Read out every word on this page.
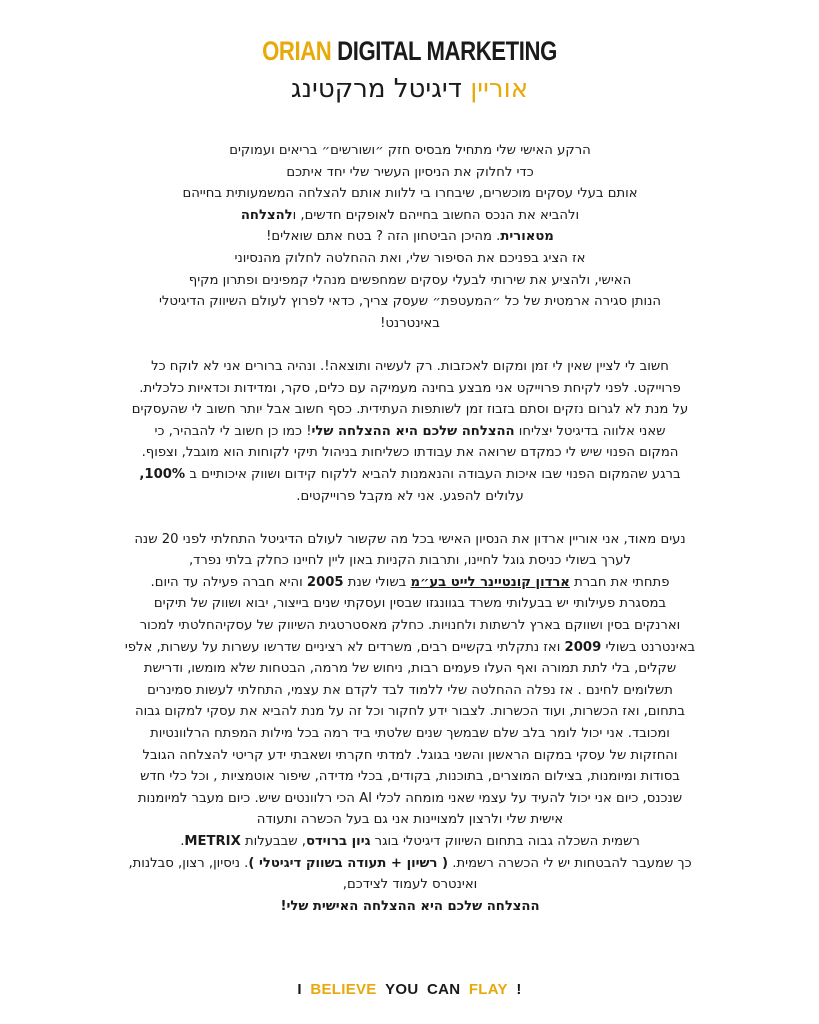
ORIAN DIGITAL MARKETING

אוריין דיגיטל מרקטינג

הרקע האישי שלי מתחיל מבסיס חזק ״ושורשים״ בריאים ועמוקים
כדי לחלוק את הניסיון העשיר שלי יחד איתכם
אותם בעלי עסקים מוכשרים, שיבחרו בי ללוות אותם להצלחה המשמעותית בחייהם
ולהביא את הנכס החשוב בחייהם לאופקים חדשים, ולהצלחה
מטאורית. מהיכן הביטחון הזה ? בטח אתם שואלים!
אז הציג בפניכם את הסיפור שלי, ואת ההחלטה לחלוק מהנסיוני
האישי, ולהציע את שירותי לבעלי עסקים שמחפשים מנהלי קמפינים ופתרון מקיף
הנותן סגירה ארמטית של כל ״המעטפת״ שעסק צריך, כדאי לפרוץ לעולם השיווק הדיגיטלי
באינטרנט!

חשוב לי לציין שאין לי זמן ומקום לאכזבות. רק לעשיה ותוצאה!. ונהיה ברורים אני לא לוקח כל
פרוייקט. לפני לקיחת פרוייקט אני מבצע בחינה מעמיקה עם כלים, סקר, ומדידות וכדאיות כלכלית.
על מנת לא לגרום נזקים וסתם בזבוז זמן לשותפות העתידית. כסף חשוב אבל יותר חשוב לי שהעסקים
שאני אלווה בדיגיטל יצליחו ההצלחה שלכם היא ההצלחה שלי! כמו כן חשוב לי להבהיר, כי
המקום הפנוי שיש לי כמקדם שרואה את עבודתו כשליחות בניהול תיקי לקוחות הוא מוגבל, וצפוף.
ברגע שהמקום הפנוי שבו איכות העבודה והנאמנות להביא ללקוח קידום ושווק איכותיים ב 100%,
עלולים להפגע. אני לא מקבל פרוייקטים.

נעים מאוד, אני אוריין ארדון את הנסיון האישי בכל מה שקשור לעולם הדיגיטל התחלתי לפני 20 שנה
לערך בשולי כניסת גוגל לחיינו, ותרבות הקניות באון ליין לחיינו כחלק בלתי נפרד,
פתחתי את חברת ארדון קונטיינר לייט בע״מ בשולי שנת 2005 והיא חברה פעילה עד היום.
במסגרת פעילותי יש בבעלותי משרד בגוונגזו שבסין ועסקתי שנים בייצור, יבוא ושווק של תיקים
וארנקים בסין ושווקם בארץ לרשתות ולחנויות. כחלק מאסטרטגית השיווק של עסקיהחלטתי למכור
באינטרנט בשולי 2009 ואז נתקלתי בקשיים רבים, משרדים לא רציניים שדרשו עשרות על עשרות, אלפי
שקלים, בלי לתת תמורה ואף העלו פעמים רבות, ניחוש של מרמה, הבטחות שלא מומשו, ודרישת
תשלומים לחינם . אז נפלה ההחלטה שלי ללמוד לבד לקדם את עצמי, התחלתי לעשות סמינרים
בתחום, ואז הכשרות, ועוד הכשרות. לצבור ידע לחקור וכל זה על מנת להביא את עסקי למקום גבוה
ומכובד. אני יכול לומר בלב שלם שבמשך שנים שלטתי ביד רמה בכל מילות המפתח הרלוונטיות
והחזקות של עסקי במקום הראשון והשני בגוגל. למדתי חקרתי ושאבתי ידע קריטי להצלחה הגובל
בסודות ומיומנות, בצילום המוצרים, בתוכנות, בקודים, בכלי מדידה, שיפור אוטמציות , וכל כלי חדש
שנכנס, כיום אני יכול להעיד על עצמי שאני מומחה לכלי AI הכי רלוונטים שיש. כיום מעבר למיומנות
אישית שלי ולרצון למצויינות אני גם בעל הכשרה ותעודה
רשמית השכלה גבוה בתחום השיווק דיגיטלי בוגר גיון ברוידס, שבבעלות METRIX.
כך שמעבר להבטחות יש לי הכשרה רשמית. ( רשיון + תעודה בשווק דיגיטלי ). ניסיון, רצון, סבלנות,
ואינטרס לעמוד לצידכם,
ההצלחה שלכם היא ההצלחה האישית שלי!

I BELIEVE YOU CAN FLAY !
